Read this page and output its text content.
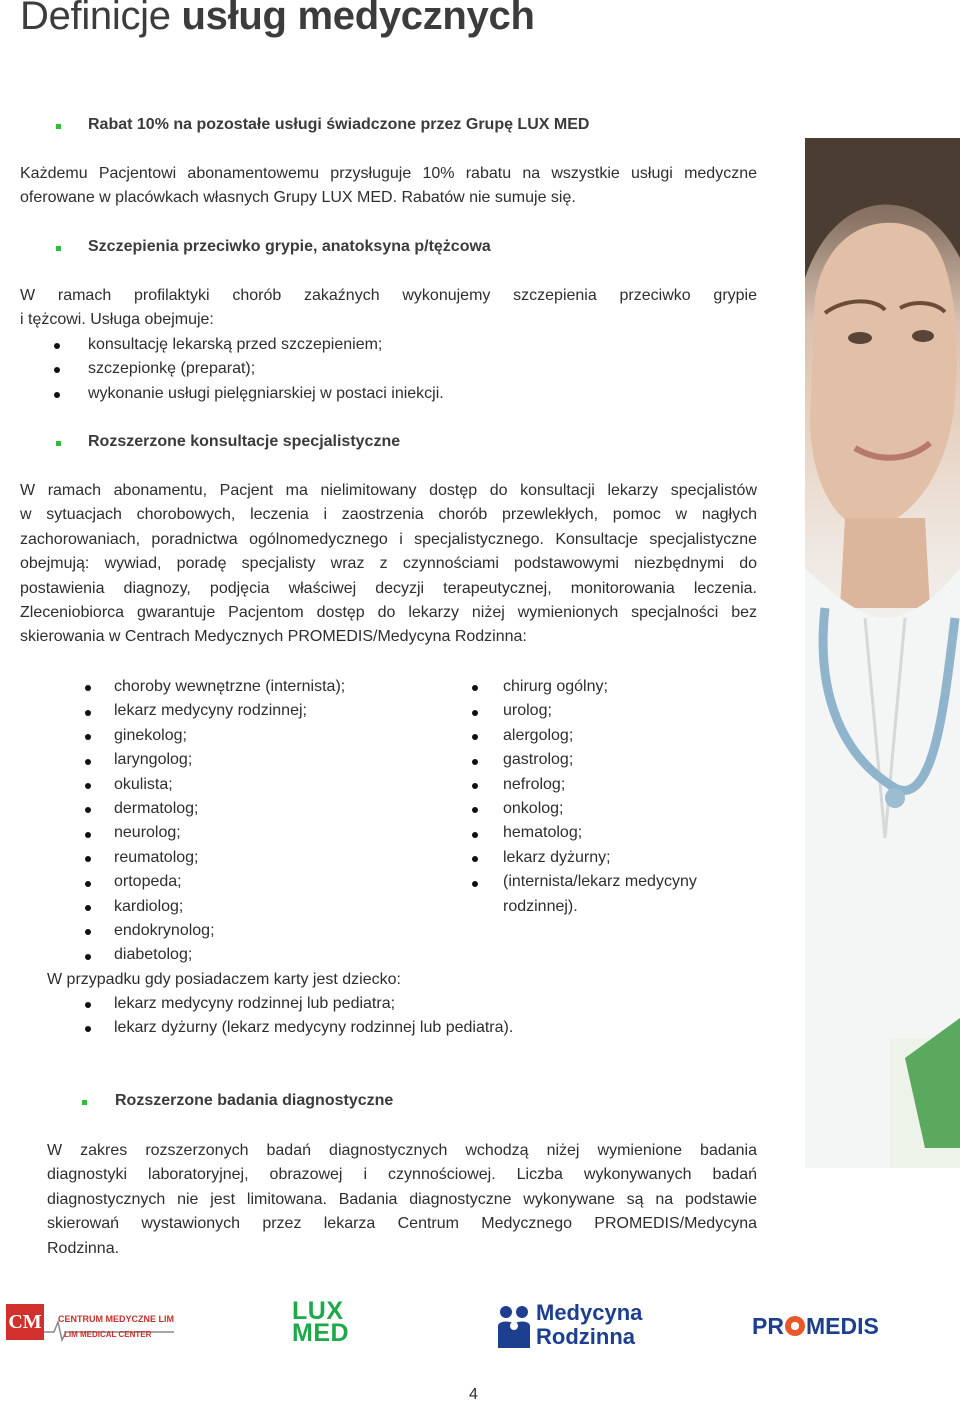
Definicje usług medycznych
Rabat 10% na pozostałe usługi świadczone przez Grupę LUX MED
Każdemu Pacjentowi abonamentowemu przysługuje 10% rabatu na wszystkie usługi medyczne
oferowane w placówkach własnych Grupy LUX MED. Rabatów nie sumuje się.
Szczepienia przeciwko grypie, anatoksyna p/tężcowa
W ramach profilaktyki chorób zakaźnych wykonujemy szczepienia przeciwko grypie
i tężcowi. Usługa obejmuje:
konsultację lekarską przed szczepieniem;
szczepionkę (preparat);
wykonanie usługi pielęgniarskiej w postaci iniekcji.
Rozszerzone konsultacje specjalistyczne
W ramach abonamentu, Pacjent ma nielimitowany dostęp do konsultacji lekarzy specjalistów
w sytuacjach chorobowych, leczenia i zaostrzenia chorób przewlekłych, pomoc w nagłych
zachorowaniach, poradnictwa ogólnomedycznego i specjalistycznego. Konsultacje specjalistyczne
obejmują: wywiad, poradę specjalisty wraz z czynnościami podstawowymi niezbędnymi do
postawienia diagnozy, podjęcia właściwej decyzji terapeutycznej, monitorowania leczenia.
Zleceniobiorca gwarantuje Pacjentom dostęp do lekarzy niżej wymienionych specjalności bez
skierowania w Centrach Medycznych PROMEDIS/Medycyna Rodzinna:
choroby wewnętrzne (internista);
lekarz medycyny rodzinnej;
ginekolog;
laryngolog;
okulista;
dermatolog;
neurolog;
reumatolog;
ortopeda;
kardiolog;
endokrynolog;
diabetolog;
chirurg ogólny;
urolog;
alergolog;
gastrolog;
nefrolog;
onkolog;
hematolog;
lekarz dyżurny;
(internista/lekarz medycyny
rodzinnej).
W przypadku gdy posiadaczem karty jest dziecko:
lekarz medycyny rodzinnej lub pediatra;
lekarz dyżurny (lekarz medycyny rodzinnej lub pediatra).
Rozszerzone badania diagnostyczne
W zakres rozszerzonych badań diagnostycznych wchodzą niżej wymienione badania
diagnostyki laboratoryjnej, obrazowej i czynnościowej. Liczba wykonywanych badań
diagnostycznych nie jest limitowana. Badania diagnostyczne wykonywane są na podstawie
skierowań wystawionych przez lekarza Centrum Medycznego PROMEDIS/Medycyna
Rodzinna.
CM CENTRUM MEDYCZNE LIM
LIM MEDICAL CENTER
LUX
MED
Medycyna
Rodzinna	PR MEDIS
4
